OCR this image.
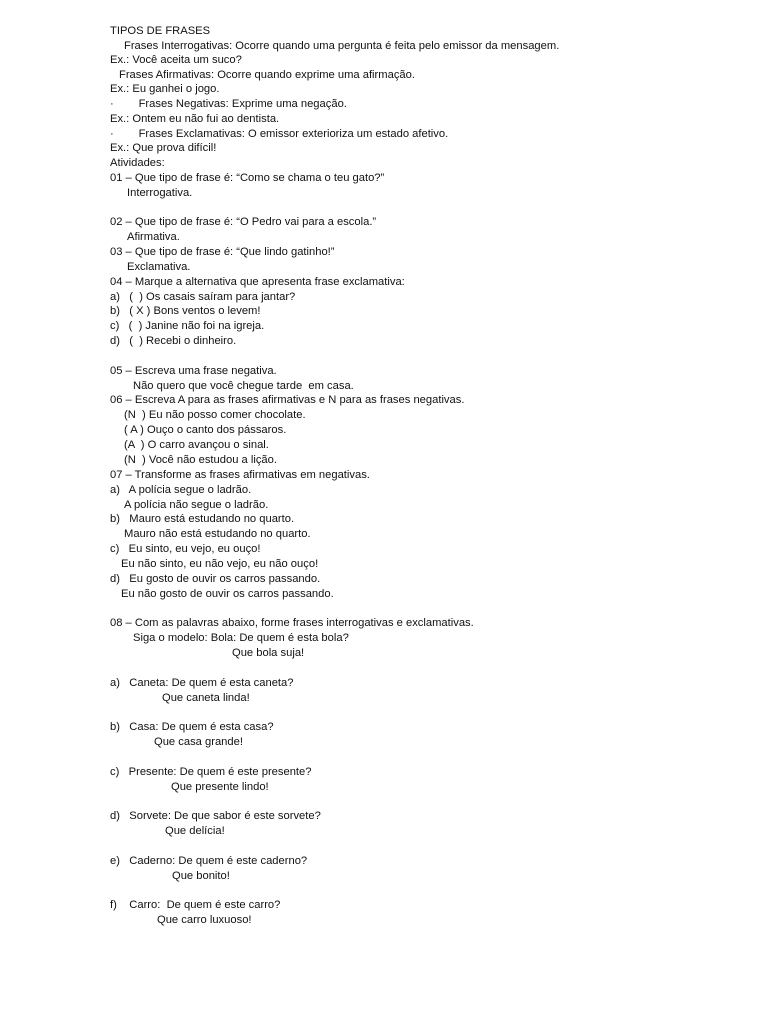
TIPOS DE FRASES
Frases Interrogativas: Ocorre quando uma pergunta é feita pelo emissor da mensagem.
Ex.: Você aceita um suco?
Frases Afirmativas: Ocorre quando exprime uma afirmação.
Ex.: Eu ganhei o jogo.
·        Frases Negativas: Exprime uma negação.
Ex.: Ontem eu não fui ao dentista.
·        Frases Exclamativas: O emissor exterioriza um estado afetivo.
Ex.: Que prova difícil!
Atividades:
01 – Que tipo de frase é: “Como se chama o teu gato?”
Interrogativa.
02 – Que tipo de frase é: “O Pedro vai para a escola.”
Afirmativa.
03 – Que tipo de frase é: “Que lindo gatinho!”
Exclamativa.
04 – Marque a alternativa que apresenta frase exclamativa:
a)   (  ) Os casais saíram para jantar?
b)   ( X ) Bons ventos o levem!
c)   (  ) Janine não foi na igreja.
d)   (  ) Recebi o dinheiro.
05 – Escreva uma frase negativa.
Não quero que você chegue tarde  em casa.
06 – Escreva A para as frases afirmativas e N para as frases negativas.
(N  ) Eu não posso comer chocolate.
( A ) Ouço o canto dos pássaros.
(A  ) O carro avançou o sinal.
(N  ) Você não estudou a lição.
07 – Transforme as frases afirmativas em negativas.
a)   A polícia segue o ladrão.
A polícia não segue o ladrão.
b)   Mauro está estudando no quarto.
Mauro não está estudando no quarto.
c)   Eu sinto, eu vejo, eu ouço!
Eu não sinto, eu não vejo, eu não ouço!
d)   Eu gosto de ouvir os carros passando.
Eu não gosto de ouvir os carros passando.
08 – Com as palavras abaixo, forme frases interrogativas e exclamativas.
Siga o modelo: Bola: De quem é esta bola?
Que bola suja!
a)   Caneta: De quem é esta caneta?
Que caneta linda!
b)   Casa: De quem é esta casa?
Que casa grande!
c)   Presente: De quem é este presente?
Que presente lindo!
d)   Sorvete: De que sabor é este sorvete?
Que delícia!
e)   Caderno: De quem é este caderno?
Que bonito!
f)    Carro:  De quem é este carro?
Que carro luxuoso!
